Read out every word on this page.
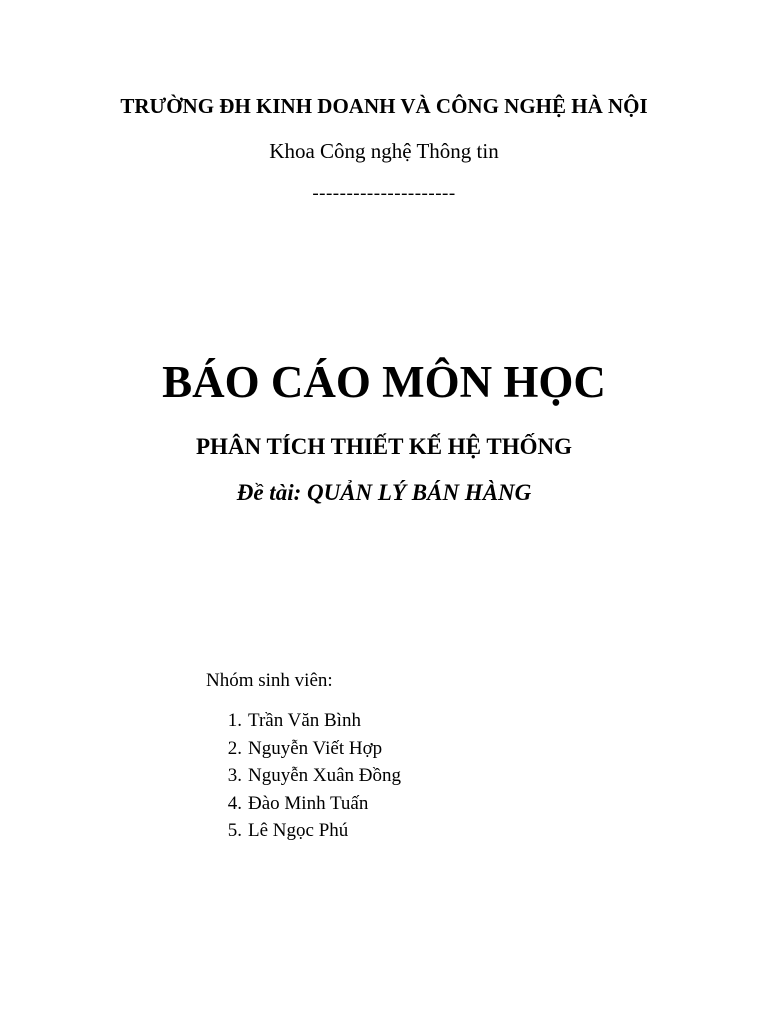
TRƯỜNG ĐH KINH DOANH VÀ CÔNG NGHỆ HÀ NỘI
Khoa Công nghệ Thông tin
---------------------
BÁO CÁO MÔN HỌC
PHÂN TÍCH THIẾT KẾ HỆ THỐNG
Đề tài: QUẢN LÝ BÁN HÀNG
Nhóm sinh viên:
1. Trần Văn Bình
2. Nguyễn Viết Hợp
3. Nguyễn Xuân Đồng
4. Đào Minh Tuấn
5. Lê Ngọc Phú
